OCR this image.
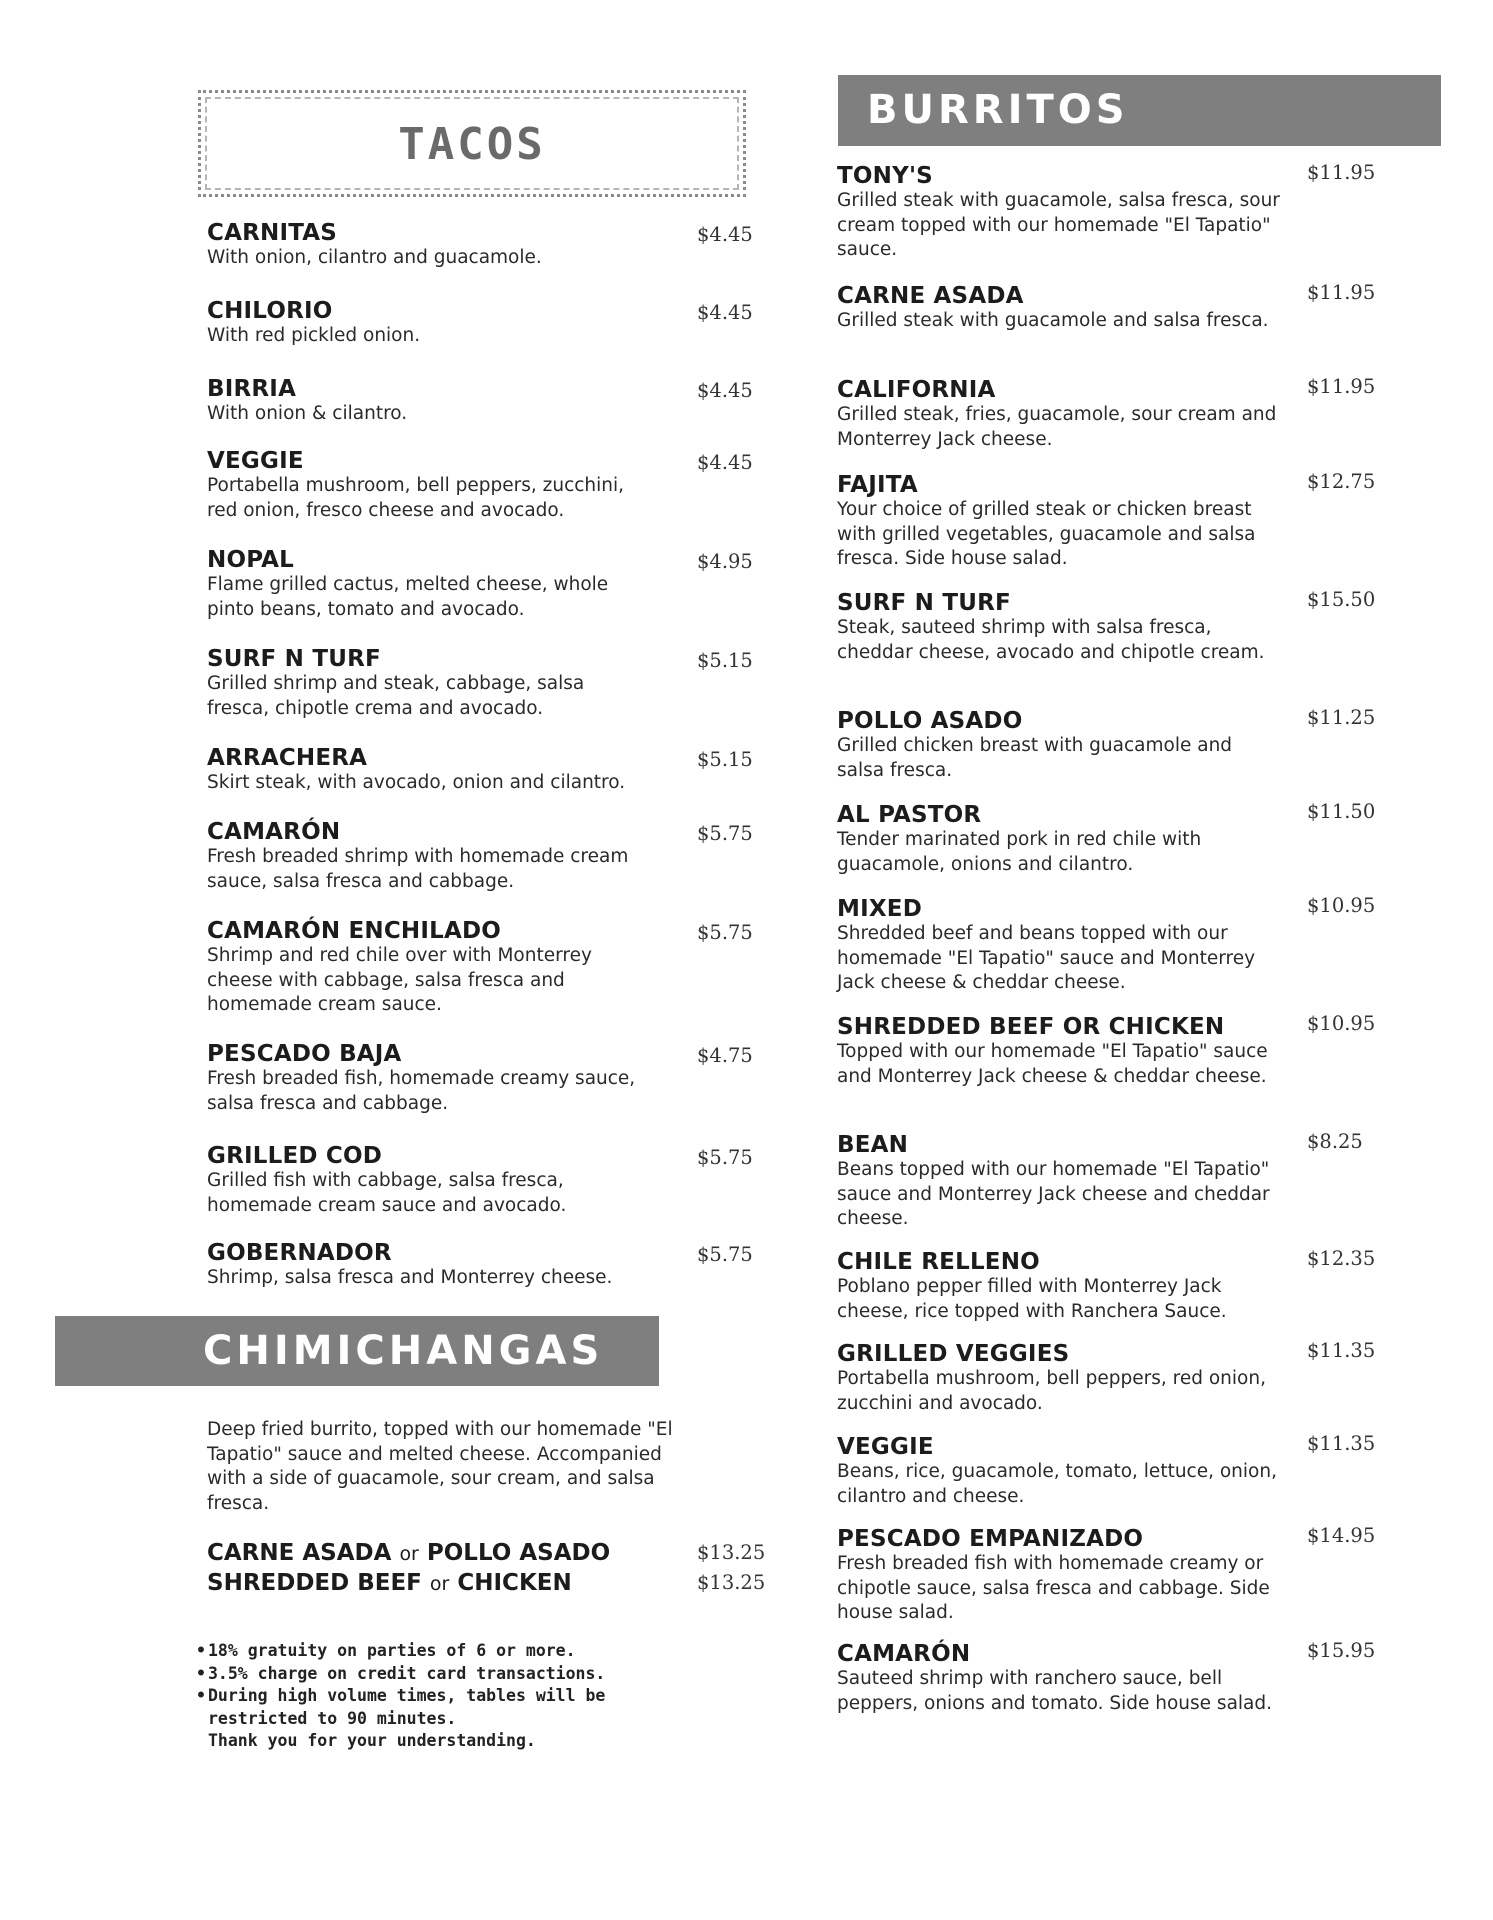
TACOS
BURRITOS
CARNITAS
With onion, cilantro and guacamole.
$4.45
CHILORIO
With red pickled onion.
$4.45
BIRRIA
With onion & cilantro.
$4.45
VEGGIE
Portabella mushroom, bell peppers, zucchini, red onion, fresco cheese and avocado.
$4.45
NOPAL
Flame grilled cactus, melted cheese, whole pinto beans, tomato and avocado.
$4.95
SURF N TURF
Grilled shrimp and steak, cabbage, salsa fresca, chipotle crema and avocado.
$5.15
ARRACHERA
Skirt steak, with avocado, onion and cilantro.
$5.15
CAMARÓN
Fresh breaded shrimp with homemade cream sauce, salsa fresca and cabbage.
$5.75
CAMARÓN ENCHILADO
Shrimp and red chile over with Monterrey cheese with cabbage, salsa fresca and homemade cream sauce.
$5.75
PESCADO BAJA
Fresh breaded fish, homemade creamy sauce, salsa fresca and cabbage.
$4.75
GRILLED COD
Grilled fish with cabbage, salsa fresca, homemade cream sauce and avocado.
$5.75
GOBERNADOR
Shrimp, salsa fresca and Monterrey cheese.
$5.75
CHIMICHANGAS
Deep fried burrito, topped with our homemade "El Tapatio" sauce and melted cheese. Accompanied with a side of guacamole, sour cream, and salsa fresca.
CARNE ASADA or POLLO ASADO	$13.25
SHREDDED BEEF or CHICKEN	$13.25
• 18% gratuity on parties of 6 or more.
• 3.5% charge on credit card transactions.
• During high volume times, tables will be restricted to 90 minutes.
Thank you for your understanding.
TONY'S
Grilled steak with guacamole, salsa fresca, sour cream topped with our homemade "El Tapatio" sauce.
$11.95
CARNE ASADA
Grilled steak with guacamole and salsa fresca.
$11.95
CALIFORNIA
Grilled steak, fries, guacamole, sour cream and Monterrey Jack cheese.
$11.95
FAJITA
Your choice of grilled steak or chicken breast with grilled vegetables, guacamole and salsa fresca. Side house salad.
$12.75
SURF N TURF
Steak, sauteed shrimp with salsa fresca, cheddar cheese, avocado and chipotle cream.
$15.50
POLLO ASADO
Grilled chicken breast with guacamole and salsa fresca.
$11.25
AL PASTOR
Tender marinated pork in red chile with guacamole, onions and cilantro.
$11.50
MIXED
Shredded beef and beans topped with our homemade "El Tapatio" sauce and Monterrey Jack cheese & cheddar cheese.
$10.95
SHREDDED BEEF OR CHICKEN
Topped with our homemade "El Tapatio" sauce and Monterrey Jack cheese & cheddar cheese.
$10.95
BEAN
Beans topped with our homemade "El Tapatio" sauce and Monterrey Jack cheese and cheddar cheese.
$8.25
CHILE RELLENO
Poblano pepper filled with Monterrey Jack cheese, rice topped with Ranchera Sauce.
$12.35
GRILLED VEGGIES
Portabella mushroom, bell peppers, red onion, zucchini and avocado.
$11.35
VEGGIE
Beans, rice, guacamole, tomato, lettuce, onion, cilantro and cheese.
$11.35
PESCADO EMPANIZADO
Fresh breaded fish with homemade creamy or chipotle sauce, salsa fresca and cabbage. Side house salad.
$14.95
CAMARÓN
Sauteed shrimp with ranchero sauce, bell peppers, onions and tomato. Side house salad.
$15.95
